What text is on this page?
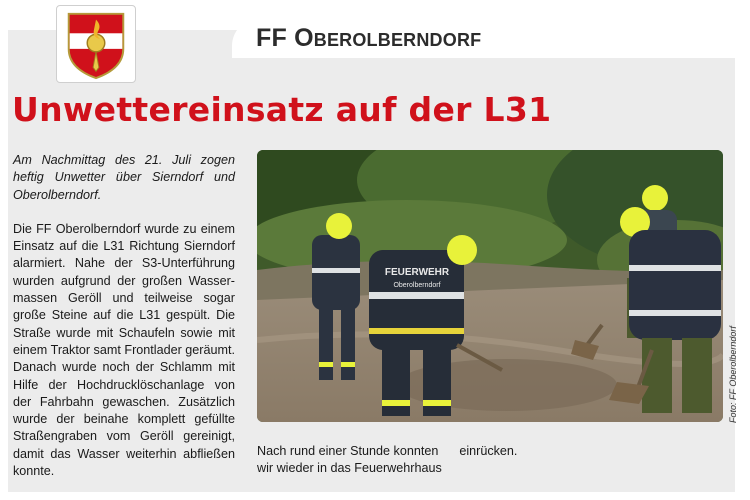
FF Oberolberndorf
Unwettereinsatz auf der L31

Am Nachmittag des 21. Juli zogen heftig Unwetter über Sierndorf und Oberolberndorf.

Die FF Oberolberndorf wurde zu einem Einsatz auf die L31 Richtung Sierndorf alarmiert. Nahe der S3-Unterführung wurden aufgrund der großen Wassermassen Geröll und teilweise sogar große Steine auf die L31 gespült. Die Straße wurde mit Schaufeln sowie mit einem Traktor samt Frontlader geräumt. Danach wurde noch der Schlamm mit Hilfe der Hochdrucklöschanlage von der Fahrbahn gewaschen. Zusätzlich wurde der beinahe komplett gefüllte Straßengraben vom Geröll gereinigt, damit das Wasser weiterhin abfließen konnte.

FEUERWEHR
Oberolberndorf
Nach rund einer Stunde konnten      einrücken.
wir wieder in das Feuerwehrhaus
Foto: FF Oberolberndorf
